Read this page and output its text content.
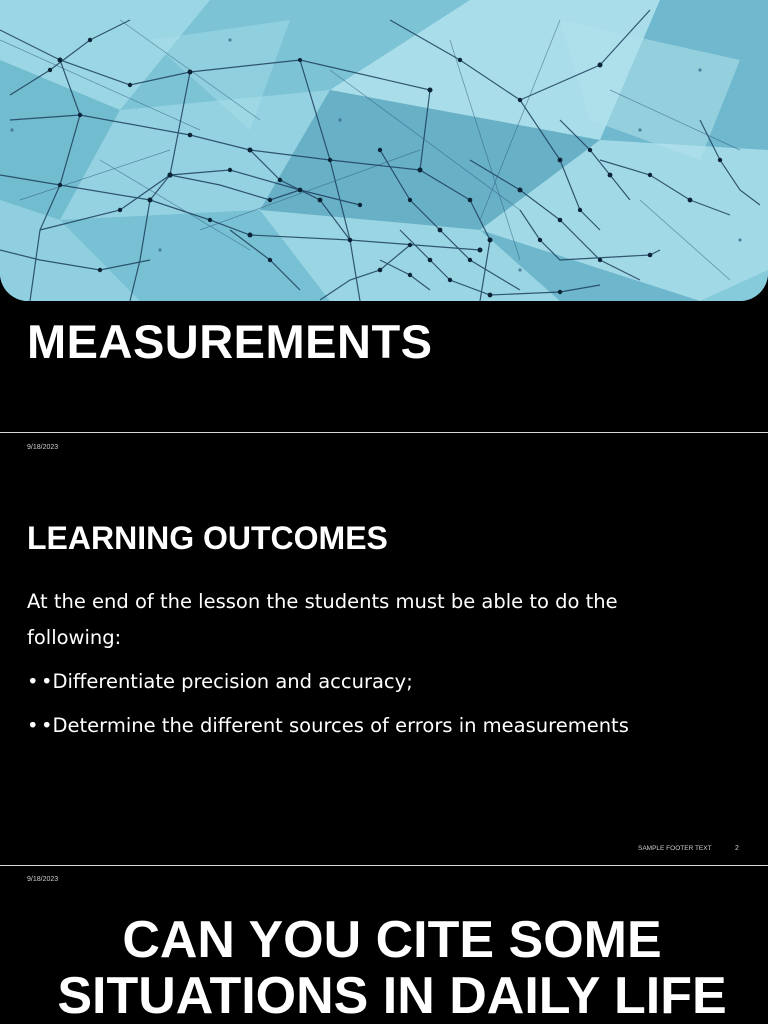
MEASUREMENTS
9/18/2023
LEARNING OUTCOMES

At the end of the lesson the students must be able to do the following:

• •Differentiate precision and accuracy;
• •Determine the different sources of errors in measurements
SAMPLE FOOTER TEXT	2
9/18/2023
CAN YOU CITE SOME SITUATIONS IN DAILY LIFE
